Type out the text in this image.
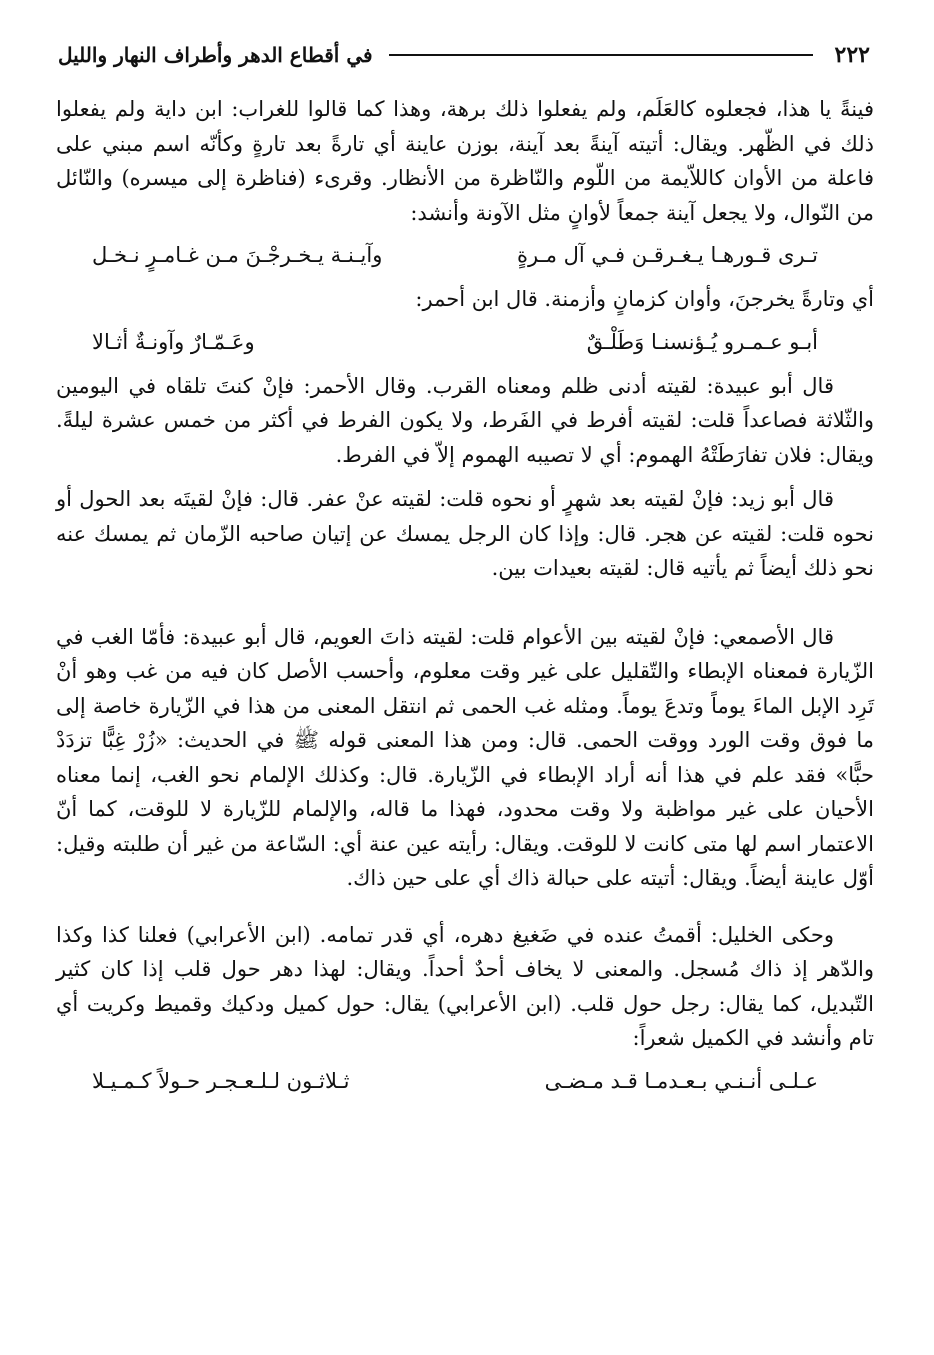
٢٢٢
في أقطاع الدهر وأطراف النهار والليل

فينةً يا هذا، فجعلوه كالعَلَم، ولم يفعلوا ذلك برهة، وهذا كما قالوا للغراب: ابن داية ولم يفعلوا ذلك في الظّهر. ويقال: أتيته آينةً بعد آينة، بوزن عاينة أي تارةً بعد تارةٍ وكأنّه اسم مبني على فاعلة من الأوان كاللاّيمة من اللّوم والنّاظرة من الأنظار. وقرىء (فناظرة إلى ميسره) والنّائل من النّوال، ولا يجعل آينة جمعاً لأوانٍ مثل الآونة وأنشد:

تـرى قـورهـا يـغـرقـن فـي آل مـرةٍ
وآيـنـة يـخـرجْـنَ مـن غـامـرٍ نـخـل

أي وتارةً يخرجنَ، وأوان كزمانٍ وأزمنة. قال ابن أحمر:

أبـو عـمـرو يُـؤنسنـا وَطَلْـقٌ
وعَـمّـارٌ وآونـةٌ أثـالا

قال أبو عبيدة: لقيته أدنى ظلم ومعناه القرب. وقال الأحمر: فإنْ كنتَ تلقاه في اليومين والثّلاثة فصاعداً قلت: لقيته أفرط في الفَرط، ولا يكون الفرط في أكثر من خمس عشرة ليلةً. ويقال: فلان تفارَطَتْهُ الهموم: أي لا تصيبه الهموم إلاّ في الفرط.

قال أبو زيد: فإنْ لقيته بعد شهرٍ أو نحوه قلت: لقيته عنْ عفر. قال: فإنْ لقيتَه بعد الحول أو نحوه قلت: لقيته عن هجر. قال: وإذا كان الرجل يمسك عن إتيان صاحبه الزّمان ثم يمسك عنه نحو ذلك أيضاً ثم يأتيه قال: لقيته بعيدات بين.

قال الأصمعي: فإنْ لقيته بين الأعوام قلت: لقيته ذاتَ العويم، قال أبو عبيدة: فأمّا الغب في الزّيارة فمعناه الإبطاء والتّقليل على غير وقت معلوم، وأحسب الأصل كان فيه من غب وهو أنْ تَرِد الإبل الماءَ يوماً وتدعَ يوماً. ومثله غب الحمى ثم انتقل المعنى من هذا في الزّيارة خاصة إلى ما فوق وقت الورد ووقت الحمى. قال: ومن هذا المعنى قوله ﷺ في الحديث: «زُرْ غِبًّا تزدَدْ حبًّا» فقد علم في هذا أنه أراد الإبطاء في الزّيارة. قال: وكذلك الإلمام نحو الغب، إنما معناه الأحيان على غير مواظبة ولا وقت محدود، فهذا ما قاله، والإلمام للزّيارة لا للوقت، كما أنّ الاعتمار اسم لها متى كانت لا للوقت. ويقال: رأيته عين عنة أي: السّاعة من غير أن طلبته وقيل: أوّل عاينة أيضاً. ويقال: أتيته على حبالة ذاك أي على حين ذاك.

وحكى الخليل: أقمتُ عنده في ضَغيغ دهره، أي قدر تمامه. (ابن الأعرابي) فعلنا كذا وكذا والدّهر إذ ذاك مُسجل. والمعنى لا يخاف أحدٌ أحداً. ويقال: لهذا دهر حول قلب إذا كان كثير التّبديل، كما يقال: رجل حول قلب. (ابن الأعرابي) يقال: حول كميل ودكيك وقميط وكريت أي تام وأنشد في الكميل شعراً:

عـلـى أنـنـي بـعـدمـا قـد مـضـى
ثـلاثـون لـلـعـجـر حـولاً كـمـيـلا
